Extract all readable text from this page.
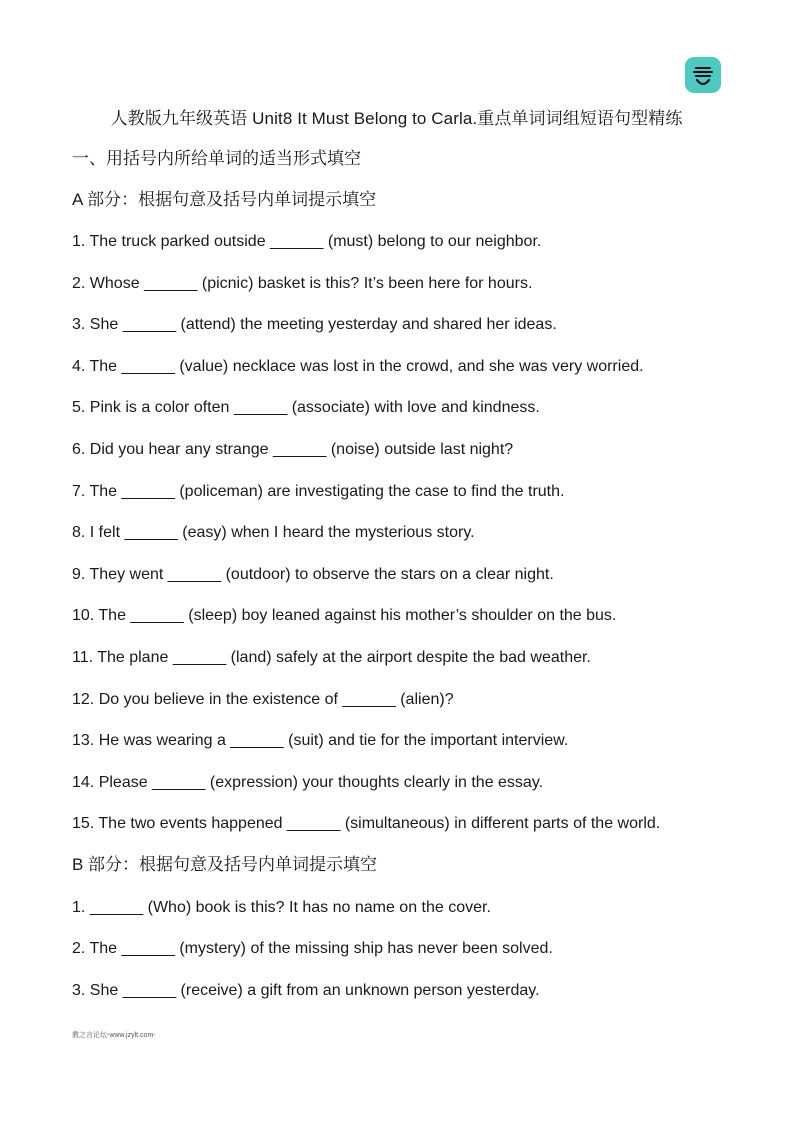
人教版九年级英语 Unit8 It Must Belong to Carla.重点单词词组短语句型精练
一、用括号内所给单词的适当形式填空
A 部分：根据句意及括号内单词提示填空
1. The truck parked outside ______ (must) belong to our neighbor.
2. Whose ______ (picnic) basket is this? It’s been here for hours.
3. She ______ (attend) the meeting yesterday and shared her ideas.
4. The ______ (value) necklace was lost in the crowd, and she was very worried.
5. Pink is a color often ______ (associate) with love and kindness.
6. Did you hear any strange ______ (noise) outside last night?
7. The ______ (policeman) are investigating the case to find the truth.
8. I felt ______ (easy) when I heard the mysterious story.
9. They went ______ (outdoor) to observe the stars on a clear night.
10. The ______ (sleep) boy leaned against his mother’s shoulder on the bus.
11. The plane ______ (land) safely at the airport despite the bad weather.
12. Do you believe in the existence of ______ (alien)?
13. He was wearing a ______ (suit) and tie for the important interview.
14. Please ______ (expression) your thoughts clearly in the essay.
15. The two events happened ______ (simultaneous) in different parts of the world.
B 部分：根据句意及括号内单词提示填空
1. ______ (Who) book is this? It has no name on the cover.
2. The ______ (mystery) of the missing ship has never been solved.
3. She ______ (receive) a gift from an unknown person yesterday.
教之言论坛-www.jzylt.com-
